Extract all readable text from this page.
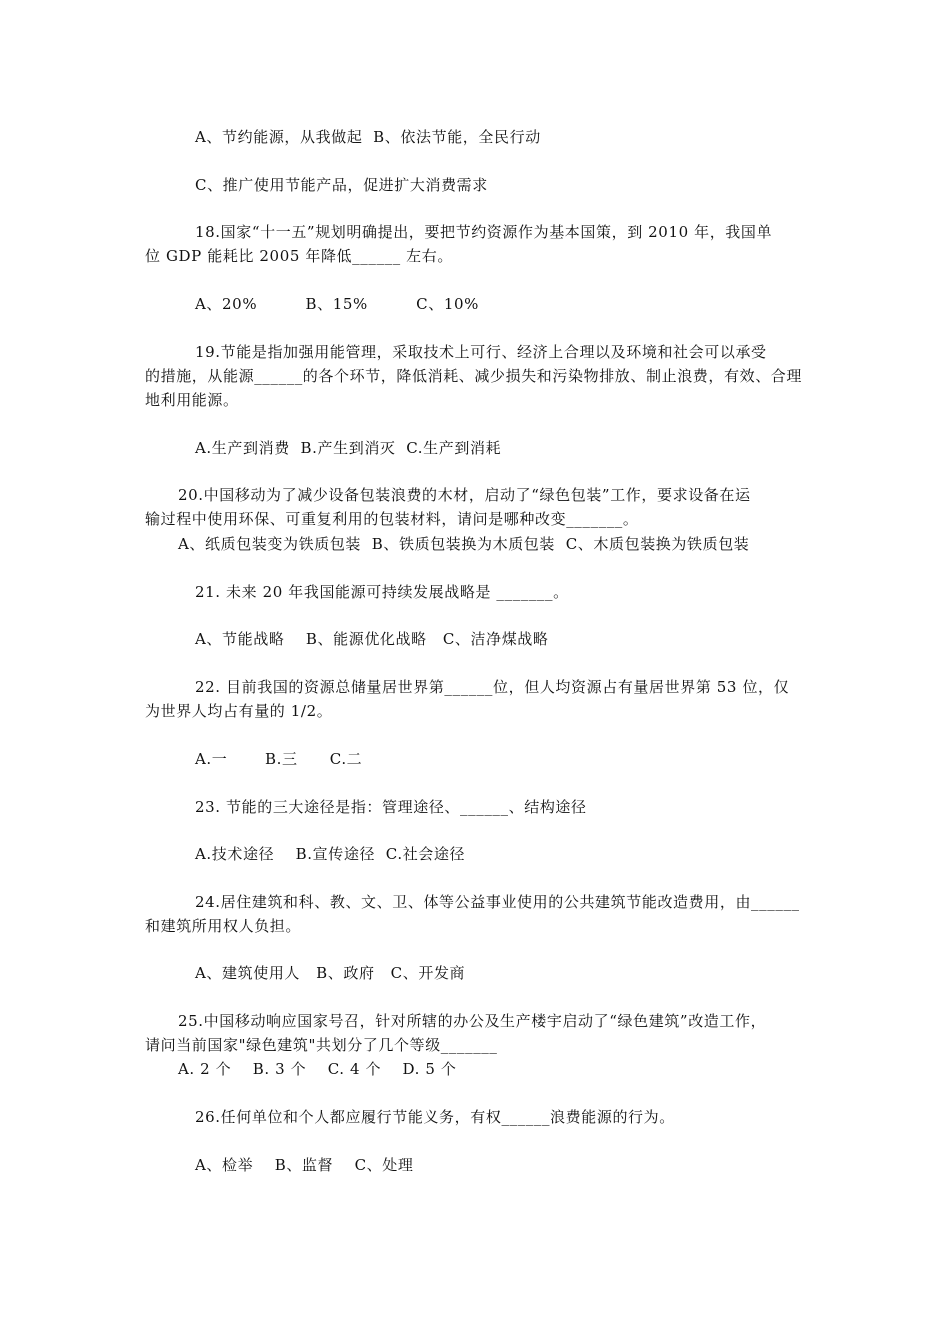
A、节约能源，从我做起  B、依法节能，全民行动
C、推广使用节能产品，促进扩大消费需求
18.国家“十一五”规划明确提出，要把节约资源作为基本国策，到 2010 年，我国单
位 GDP 能耗比 2005 年降低______ 左右。
A、20%         B、15%         C、10%
19.节能是指加强用能管理，采取技术上可行、经济上合理以及环境和社会可以承受
的措施，从能源______的各个环节，降低消耗、减少损失和污染物排放、制止浪费，有效、合理
地利用能源。
A.生产到消费  B.产生到消灭  C.生产到消耗
20.中国移动为了减少设备包装浪费的木材，启动了“绿色包装”工作，要求设备在运
输过程中使用环保、可重复利用的包装材料，请问是哪种改变_______。
A、纸质包装变为铁质包装  B、铁质包装换为木质包装  C、木质包装换为铁质包装
21. 未来 20 年我国能源可持续发展战略是 _______。
A、节能战略    B、能源优化战略   C、洁净煤战略
22. 目前我国的资源总储量居世界第______位，但人均资源占有量居世界第 53 位，仅
为世界人均占有量的 1/2。
A.一       B.三      C.二
23. 节能的三大途径是指：管理途径、______、结构途径
A.技术途径    B.宣传途径  C.社会途径
24.居住建筑和科、教、文、卫、体等公益事业使用的公共建筑节能改造费用，由______
和建筑所用权人负担。
A、建筑使用人   B、政府   C、开发商
25.中国移动响应国家号召，针对所辖的办公及生产楼宇启动了“绿色建筑”改造工作，
请问当前国家"绿色建筑"共划分了几个等级_______
A. 2 个    B. 3 个    C. 4 个    D. 5 个
26.任何单位和个人都应履行节能义务，有权______浪费能源的行为。
A、检举    B、监督    C、处理
